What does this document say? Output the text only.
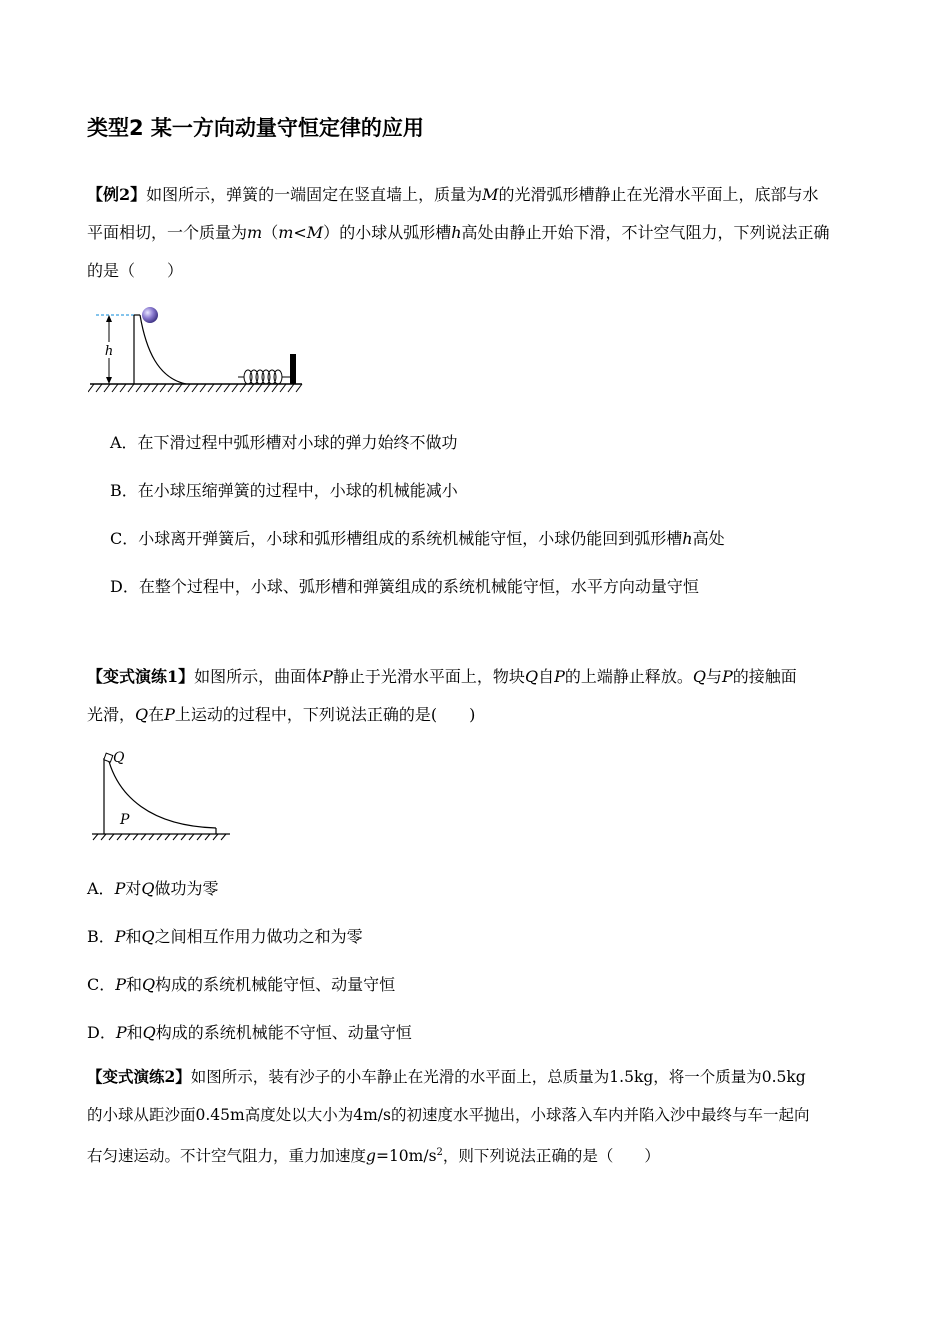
类型2 某一方向动量守恒定律的应用
【例2】如图所示，弹簧的一端固定在竖直墙上，质量为M的光滑弧形槽静止在光滑水平面上，底部与水
平面相切，一个质量为m（m<M）的小球从弧形槽h高处由静止开始下滑，不计空气阻力，下列说法正确
的是（　　）
h
A．在下滑过程中弧形槽对小球的弹力始终不做功
B．在小球压缩弹簧的过程中，小球的机械能减小
C．小球离开弹簧后，小球和弧形槽组成的系统机械能守恒，小球仍能回到弧形槽h高处
D．在整个过程中，小球、弧形槽和弹簧组成的系统机械能守恒，水平方向动量守恒
【变式演练1】如图所示，曲面体P静止于光滑水平面上，物块Q自P的上端静止释放。Q与P的接触面
光滑，Q在P上运动的过程中，下列说法正确的是(　　)
Q
P
A．P对Q做功为零
B．P和Q之间相互作用力做功之和为零
C．P和Q构成的系统机械能守恒、动量守恒
D．P和Q构成的系统机械能不守恒、动量守恒
【变式演练2】如图所示，装有沙子的小车静止在光滑的水平面上，总质量为1.5kg，将一个质量为0.5kg
的小球从距沙面0.45m高度处以大小为4m/s的初速度水平抛出，小球落入车内并陷入沙中最终与车一起向
右匀速运动。不计空气阻力，重力加速度$g=10m/s^2$，则下列说法正确的是（　　）
